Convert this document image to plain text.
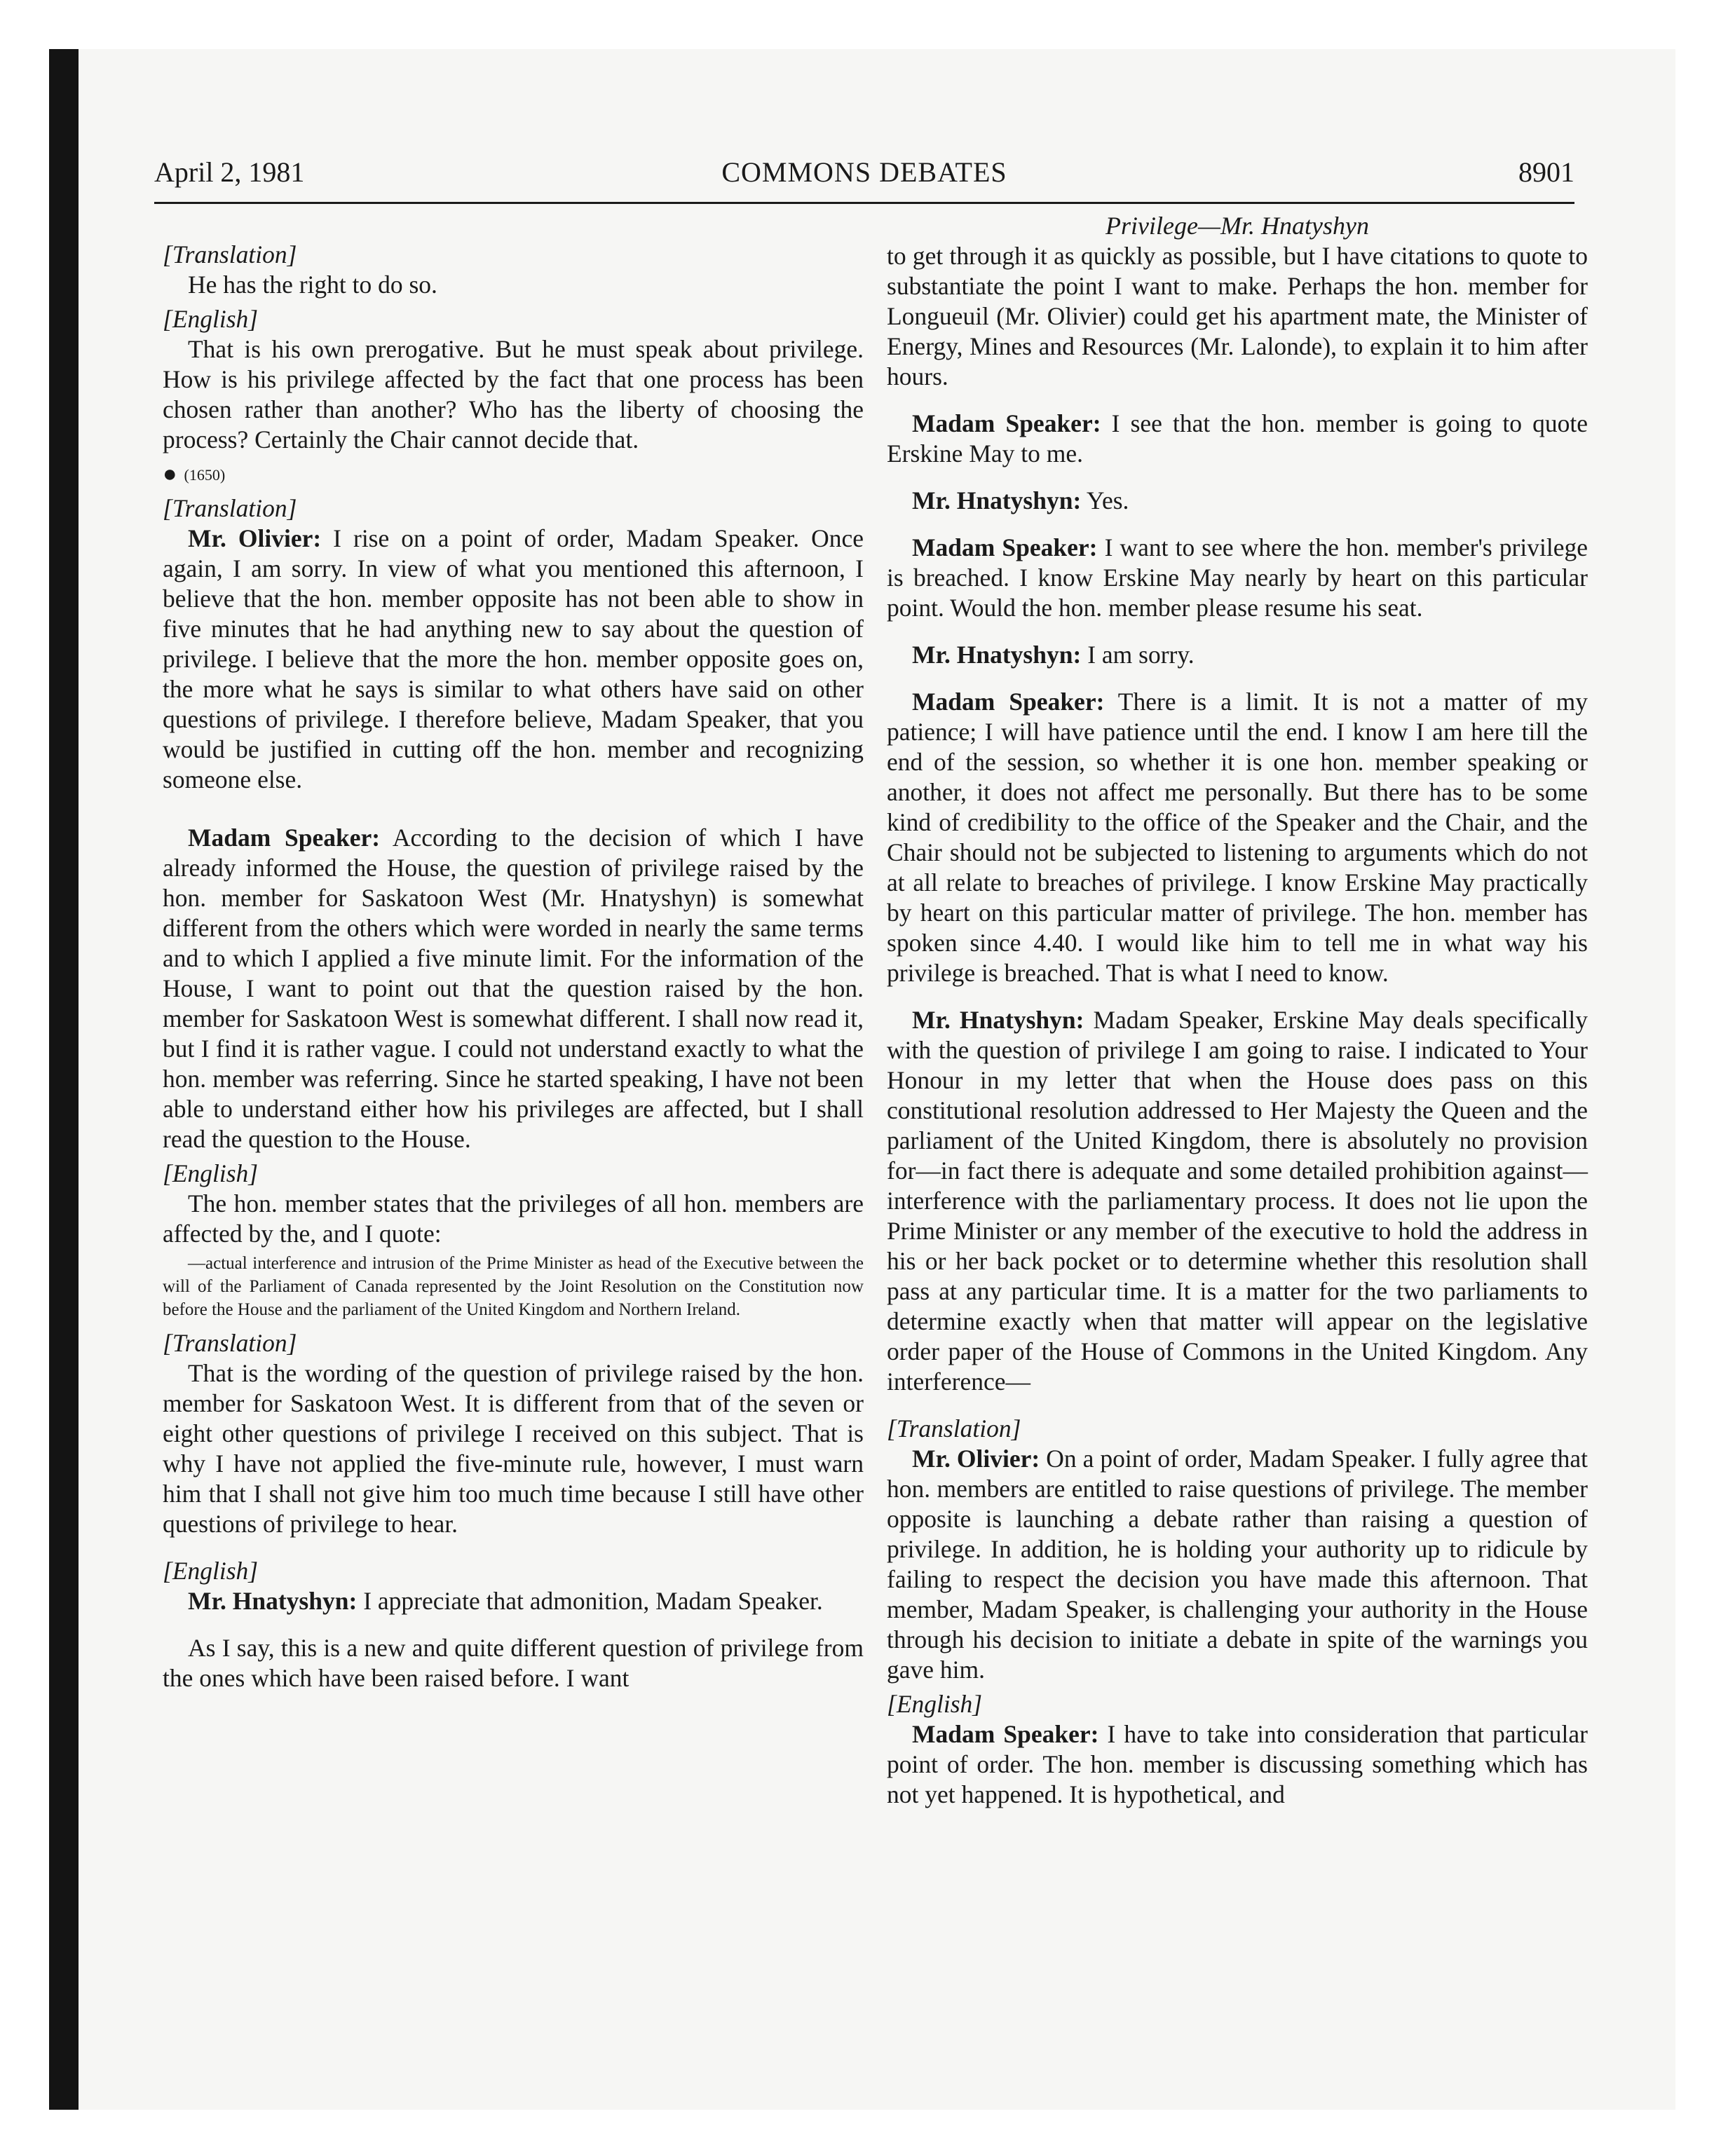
April 2, 1981	COMMONS DEBATES	8901

[Translation]

He has the right to do so.

[English]

That is his own prerogative. But he must speak about privilege. How is his privilege affected by the fact that one process has been chosen rather than another? Who has the liberty of choosing the process? Certainly the Chair cannot decide that.

● (1650)

[Translation]

Mr. Olivier: I rise on a point of order, Madam Speaker. Once again, I am sorry. In view of what you mentioned this afternoon, I believe that the hon. member opposite has not been able to show in five minutes that he had anything new to say about the question of privilege. I believe that the more the hon. member opposite goes on, the more what he says is similar to what others have said on other questions of privilege. I therefore believe, Madam Speaker, that you would be justified in cutting off the hon. member and recognizing someone else.

Madam Speaker: According to the decision of which I have already informed the House, the question of privilege raised by the hon. member for Saskatoon West (Mr. Hnatyshyn) is somewhat different from the others which were worded in nearly the same terms and to which I applied a five minute limit. For the information of the House, I want to point out that the question raised by the hon. member for Saskatoon West is somewhat different. I shall now read it, but I find it is rather vague. I could not understand exactly to what the hon. member was referring. Since he started speaking, I have not been able to understand either how his privileges are affected, but I shall read the question to the House.

[English]

The hon. member states that the privileges of all hon. members are affected by the, and I quote:

—actual interference and intrusion of the Prime Minister as head of the Executive between the will of the Parliament of Canada represented by the Joint Resolution on the Constitution now before the House and the parliament of the United Kingdom and Northern Ireland.

[Translation]

That is the wording of the question of privilege raised by the hon. member for Saskatoon West. It is different from that of the seven or eight other questions of privilege I received on this subject. That is why I have not applied the five-minute rule, however, I must warn him that I shall not give him too much time because I still have other questions of privilege to hear.

[English]

Mr. Hnatyshyn: I appreciate that admonition, Madam Speaker.

As I say, this is a new and quite different question of privilege from the ones which have been raised before. I want

Privilege—Mr. Hnatyshyn

to get through it as quickly as possible, but I have citations to quote to substantiate the point I want to make. Perhaps the hon. member for Longueuil (Mr. Olivier) could get his apartment mate, the Minister of Energy, Mines and Resources (Mr. Lalonde), to explain it to him after hours.

Madam Speaker: I see that the hon. member is going to quote Erskine May to me.

Mr. Hnatyshyn: Yes.

Madam Speaker: I want to see where the hon. member's privilege is breached. I know Erskine May nearly by heart on this particular point. Would the hon. member please resume his seat.

Mr. Hnatyshyn: I am sorry.

Madam Speaker: There is a limit. It is not a matter of my patience; I will have patience until the end. I know I am here till the end of the session, so whether it is one hon. member speaking or another, it does not affect me personally. But there has to be some kind of credibility to the office of the Speaker and the Chair, and the Chair should not be subjected to listening to arguments which do not at all relate to breaches of privilege. I know Erskine May practically by heart on this particular matter of privilege. The hon. member has spoken since 4.40. I would like him to tell me in what way his privilege is breached. That is what I need to know.

Mr. Hnatyshyn: Madam Speaker, Erskine May deals specifically with the question of privilege I am going to raise. I indicated to Your Honour in my letter that when the House does pass on this constitutional resolution addressed to Her Majesty the Queen and the parliament of the United Kingdom, there is absolutely no provision for—in fact there is adequate and some detailed prohibition against—interference with the parliamentary process. It does not lie upon the Prime Minister or any member of the executive to hold the address in his or her back pocket or to determine whether this resolution shall pass at any particular time. It is a matter for the two parliaments to determine exactly when that matter will appear on the legislative order paper of the House of Commons in the United Kingdom. Any interference—

[Translation]

Mr. Olivier: On a point of order, Madam Speaker. I fully agree that hon. members are entitled to raise questions of privilege. The member opposite is launching a debate rather than raising a question of privilege. In addition, he is holding your authority up to ridicule by failing to respect the decision you have made this afternoon. That member, Madam Speaker, is challenging your authority in the House through his decision to initiate a debate in spite of the warnings you gave him.

[English]

Madam Speaker: I have to take into consideration that particular point of order. The hon. member is discussing something which has not yet happened. It is hypothetical, and
